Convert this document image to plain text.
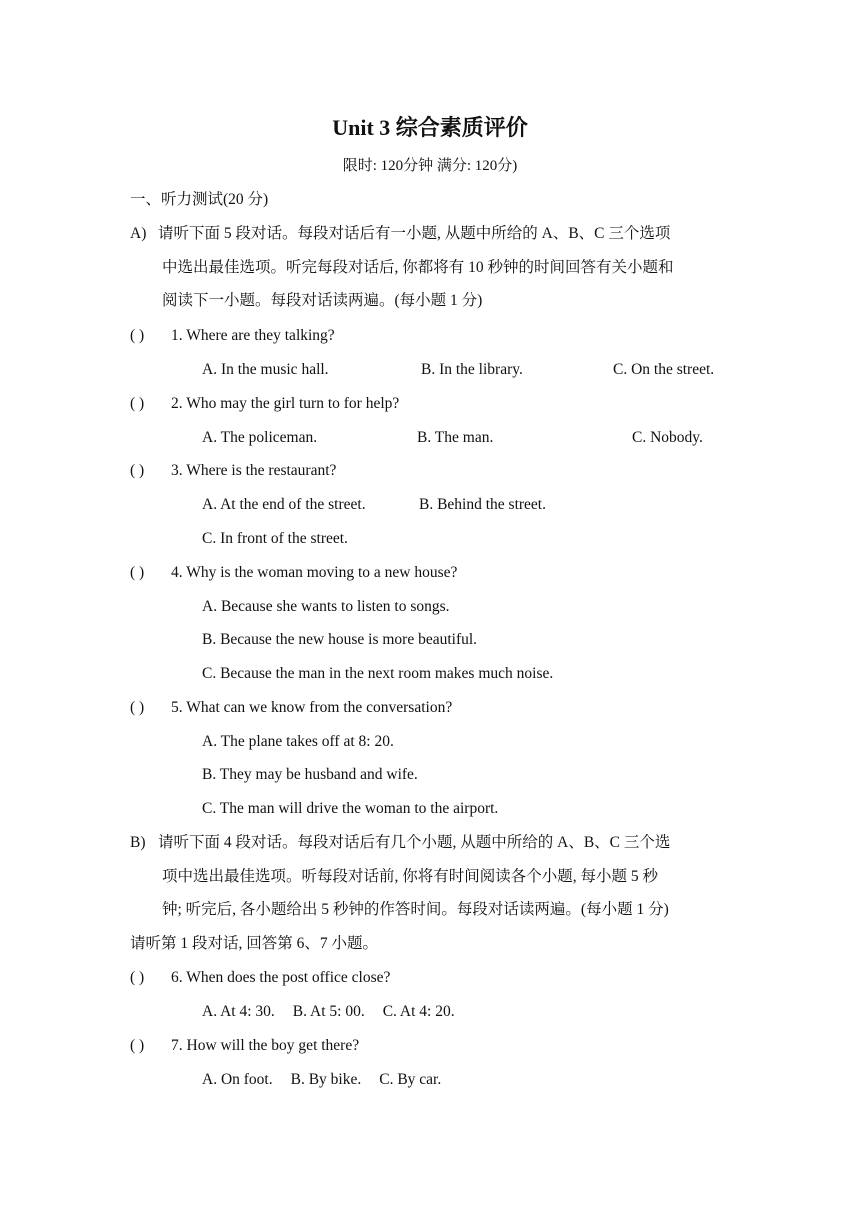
Unit 3 综合素质评价
限时: 120分钟 满分: 120分)
一、听力测试(20 分)
A) 请听下面 5 段对话。每段对话后有一小题, 从题中所给的 A、B、C 三个选项
中选出最佳选项。听完每段对话后, 你都将有 10 秒钟的时间回答有关小题和
阅读下一小题。每段对话读两遍。(每小题 1 分)
( ) 1. Where are they talking?
A. In the music hall.	B. In the library.	C. On the street.
( ) 2. Who may the girl turn to for help?
A. The policeman.	B. The man.	C. Nobody.
( ) 3. Where is the restaurant?
A. At the end of the street.	B. Behind the street.
C. In front of the street.
( ) 4. Why is the woman moving to a new house?
A. Because she wants to listen to songs.
B. Because the new house is more beautiful.
C. Because the man in the next room makes much noise.
( ) 5. What can we know from the conversation?
A. The plane takes off at 8: 20.
B. They may be husband and wife.
C. The man will drive the woman to the airport.
B) 请听下面 4 段对话。每段对话后有几个小题, 从题中所给的 A、B、C 三个选
项中选出最佳选项。听每段对话前, 你将有时间阅读各个小题, 每小题 5 秒
钟; 听完后, 各小题给出 5 秒钟的作答时间。每段对话读两遍。(每小题 1 分)
请听第 1 段对话, 回答第 6、7 小题。
( ) 6. When does the post office close?
A. At 4: 30. B. At 5: 00. C. At 4: 20.
( ) 7. How will the boy get there?
A. On foot. B. By bike. C. By car.
